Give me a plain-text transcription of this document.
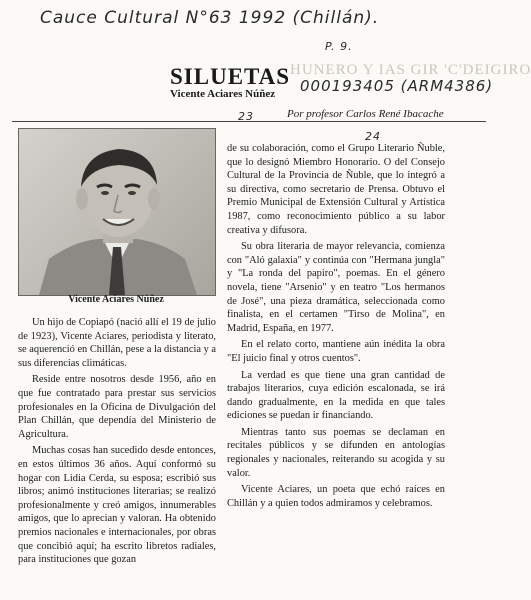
Cauce Cultural N°63 1992 (Chillán).
P. 9.
000193405 (ARM4386)
23
24
HUNERO Y IAS GIR 'C'DEIGIRO
SILUETAS
Vicente Aciares Núñez
Por profesor Carlos René Ibacache
Vicente Aciares Núñez

Un hijo de Copiapó (nació allí el 19 de julio de 1923), Vicente Aciares, periodista y literato, se aquerenció en Chillán, pese a la distancia y a sus diferencias climáticas.

Reside entre nosotros desde 1956, año en que fue contratado para prestar sus servicios profesionales en la Oficina de Divulgación del Plan Chillán, que dependía del Ministerio de Agricultura.

Muchas cosas han sucedido desde entonces, en estos últimos 36 años. Aquí conformó su hogar con Lidia Cerda, su esposa; escribió sus libros; animó instituciones literarias; se realizó profesionalmente y creó amigos, innumerables amigos, que lo aprecian y valoran. Ha obtenido premios nacionales e internacionales, por obras que concibió aquí; ha escrito libretos radiales, para instituciones que gozan

de su colaboración, como el Grupo Literario Ñuble, que lo designó Miembro Honorario. O del Consejo Cultural de la Provincia de Ñuble, que lo integró a su directiva, como secretario de Prensa. Obtuvo el Premio Municipal de Extensión Cultural y Artística 1987, como reconocimiento público a su labor creativa y difusora.

Su obra literaria de mayor relevancia, comienza con "Aló galaxia" y continúa con "Hermana jungla" y "La ronda del papiro", poemas. En el género novela, tiene "Arsenio" y en teatro "Los hermanos de José", una pieza dramática, seleccionada como finalista, en el certamen "Tirso de Molina", en Madrid, España, en 1977.

En el relato corto, mantiene aún inédita la obra "El juicio final y otros cuentos".

La verdad es que tiene una gran cantidad de trabajos literarios, cuya edición escalonada, se irá dando gradualmente, en la medida en que tales ediciones se puedan ir financiando.

Mientras tanto sus poemas se declaman en recitales públicos y se difunden en antologías regionales y nacionales, reiterando su acogida y su valor.

Vicente Aciares, un poeta que echó raíces en Chillán y a quien todos admiramos y celebramos.
